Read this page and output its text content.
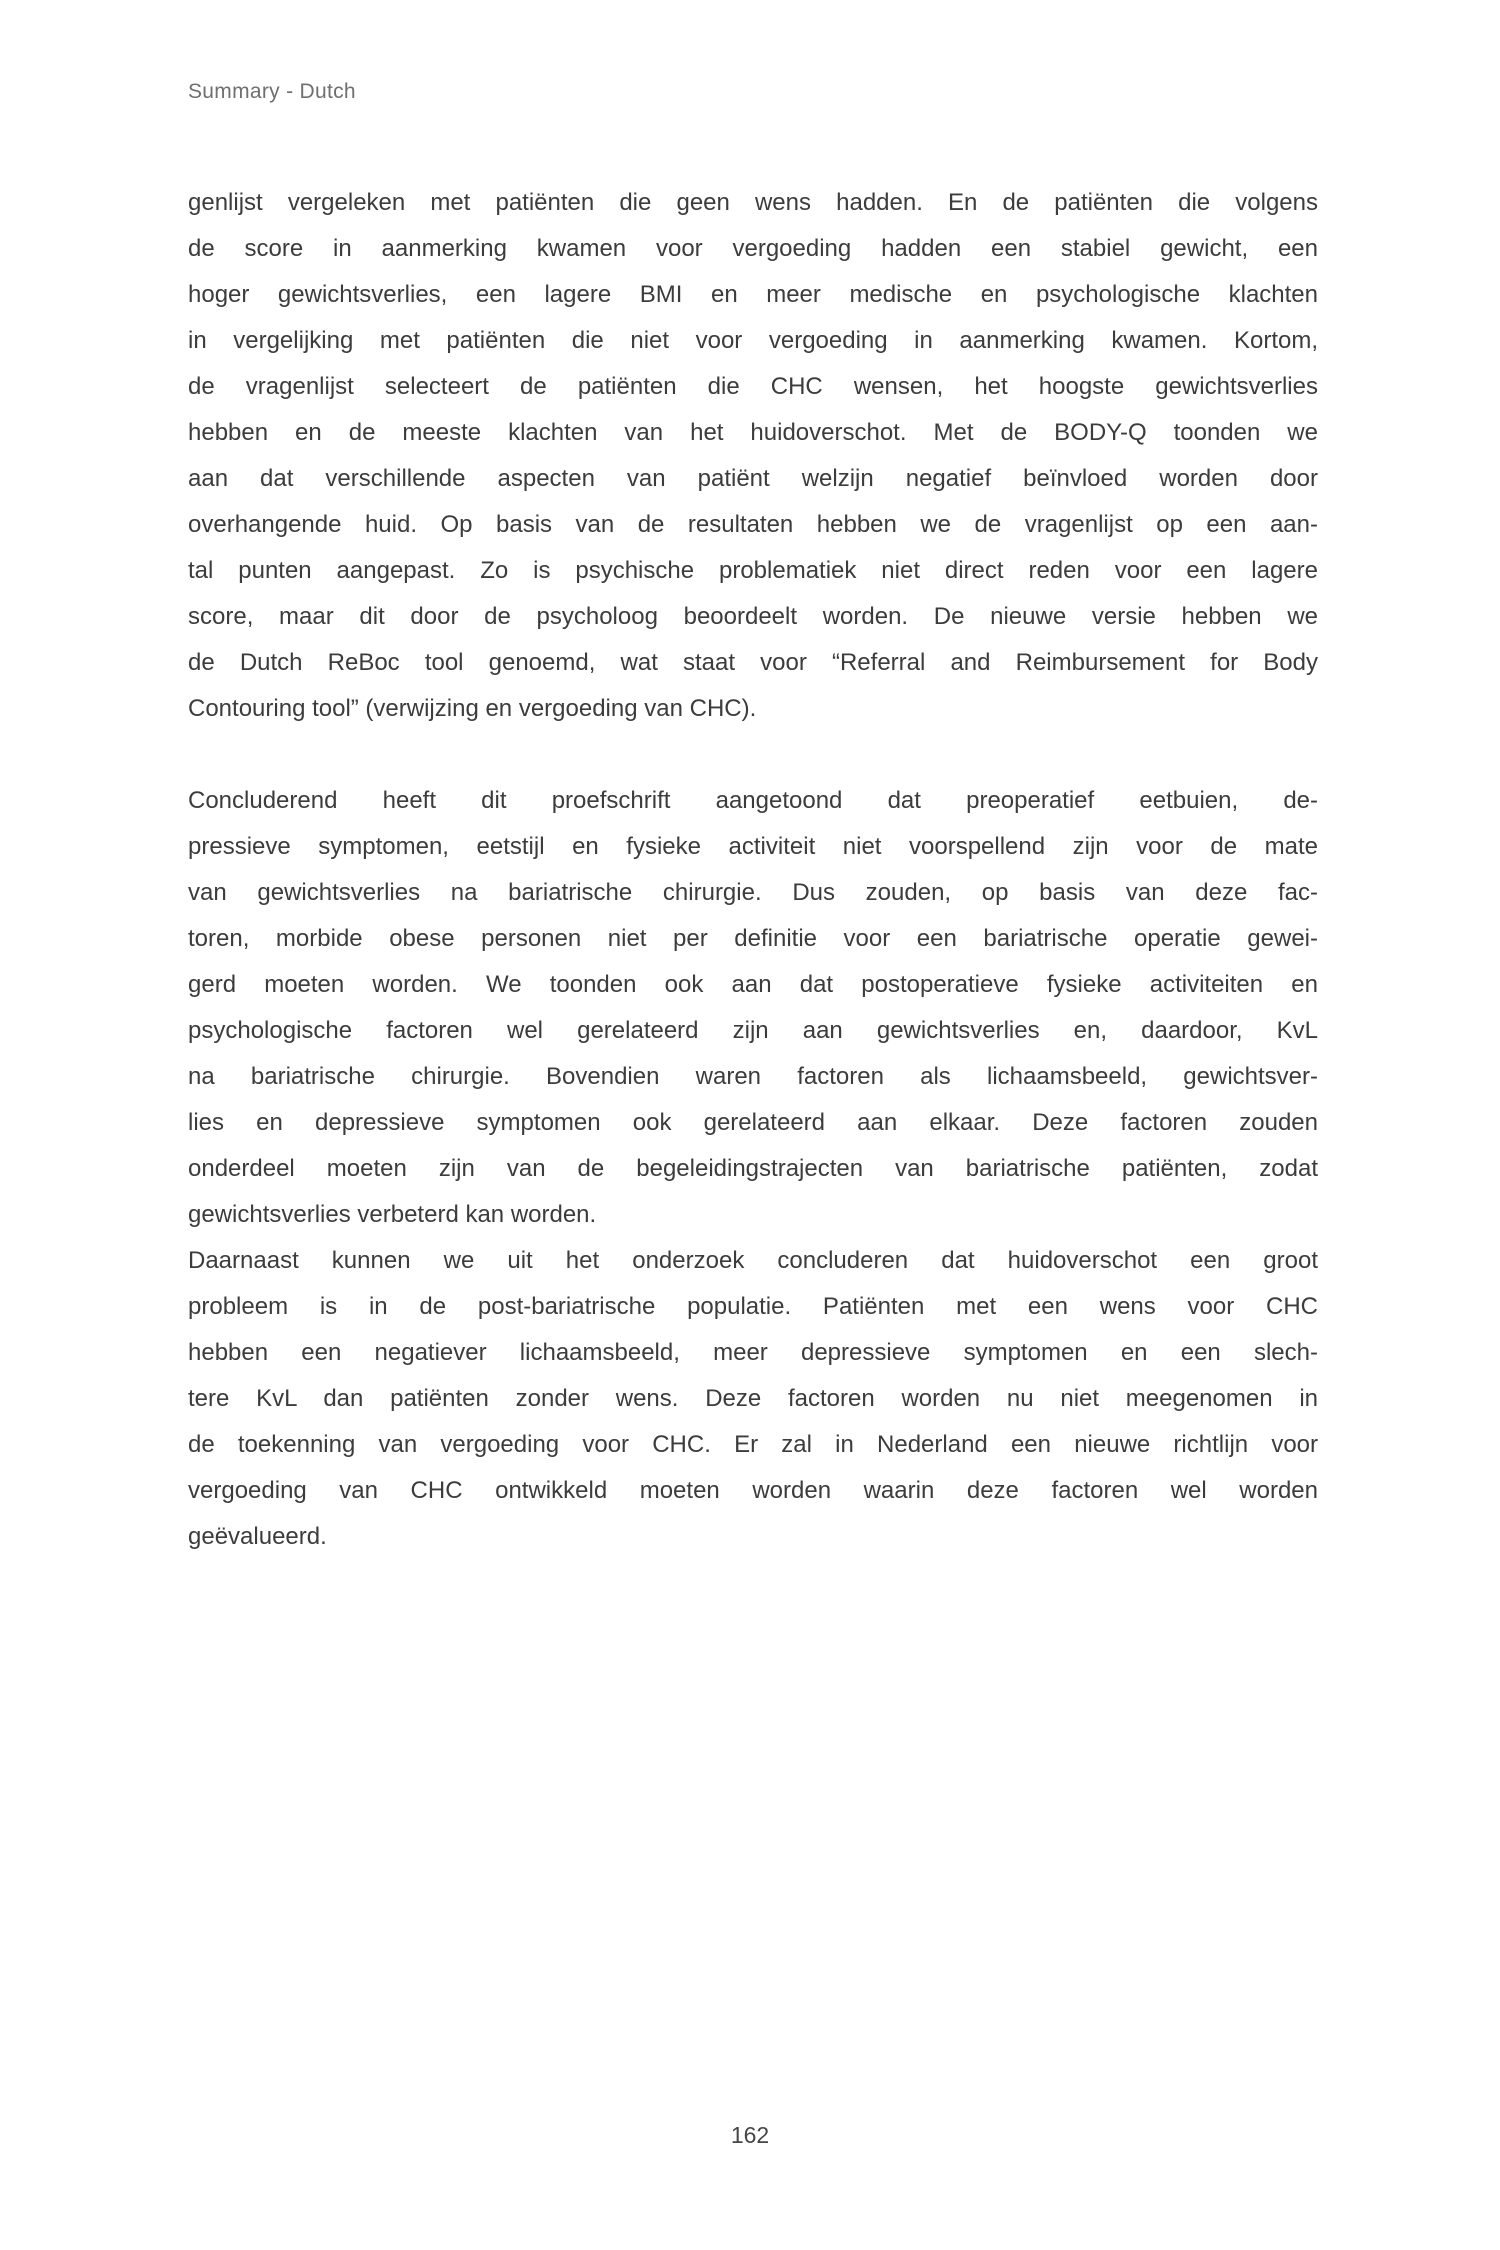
Summary - Dutch
genlijst vergeleken met patiënten die geen wens hadden. En de patiënten die volgens
de score in aanmerking kwamen voor vergoeding hadden een stabiel gewicht, een
hoger gewichtsverlies, een lagere BMI en meer medische en psychologische klachten
in vergelijking met patiënten die niet voor vergoeding in aanmerking kwamen. Kortom,
de vragenlijst selecteert de patiënten die CHC wensen, het hoogste gewichtsverlies
hebben en de meeste klachten van het huidoverschot. Met de BODY-Q toonden we
aan dat verschillende aspecten van patiënt welzijn negatief beïnvloed worden door
overhangende huid. Op basis van de resultaten hebben we de vragenlijst op een aan-
tal punten aangepast. Zo is psychische problematiek niet direct reden voor een lagere
score, maar dit door de psycholoog beoordeelt worden. De nieuwe versie hebben we
de Dutch ReBoc tool genoemd, wat staat voor “Referral and Reimbursement for Body
Contouring tool” (verwijzing en vergoeding van CHC).
Concluderend heeft dit proefschrift aangetoond dat preoperatief eetbuien, de-
pressieve symptomen, eetstijl en fysieke activiteit niet voorspellend zijn voor de mate
van gewichtsverlies na bariatrische chirurgie. Dus zouden, op basis van deze fac-
toren, morbide obese personen niet per definitie voor een bariatrische operatie gewei-
gerd moeten worden. We toonden ook aan dat postoperatieve fysieke activiteiten en
psychologische factoren wel gerelateerd zijn aan gewichtsverlies en, daardoor, KvL
na bariatrische chirurgie. Bovendien waren factoren als lichaamsbeeld, gewichtsver-
lies en depressieve symptomen ook gerelateerd aan elkaar. Deze factoren zouden
onderdeel moeten zijn van de begeleidingstrajecten van bariatrische patiënten, zodat
gewichtsverlies verbeterd kan worden.
Daarnaast kunnen we uit het onderzoek concluderen dat huidoverschot een groot
probleem is in de post-bariatrische populatie. Patiënten met een wens voor CHC
hebben een negatiever lichaamsbeeld, meer depressieve symptomen en een slech-
tere KvL dan patiënten zonder wens. Deze factoren worden nu niet meegenomen in
de toekenning van vergoeding voor CHC. Er zal in Nederland een nieuwe richtlijn voor
vergoeding van CHC ontwikkeld moeten worden waarin deze factoren wel worden
geëvalueerd.
162
